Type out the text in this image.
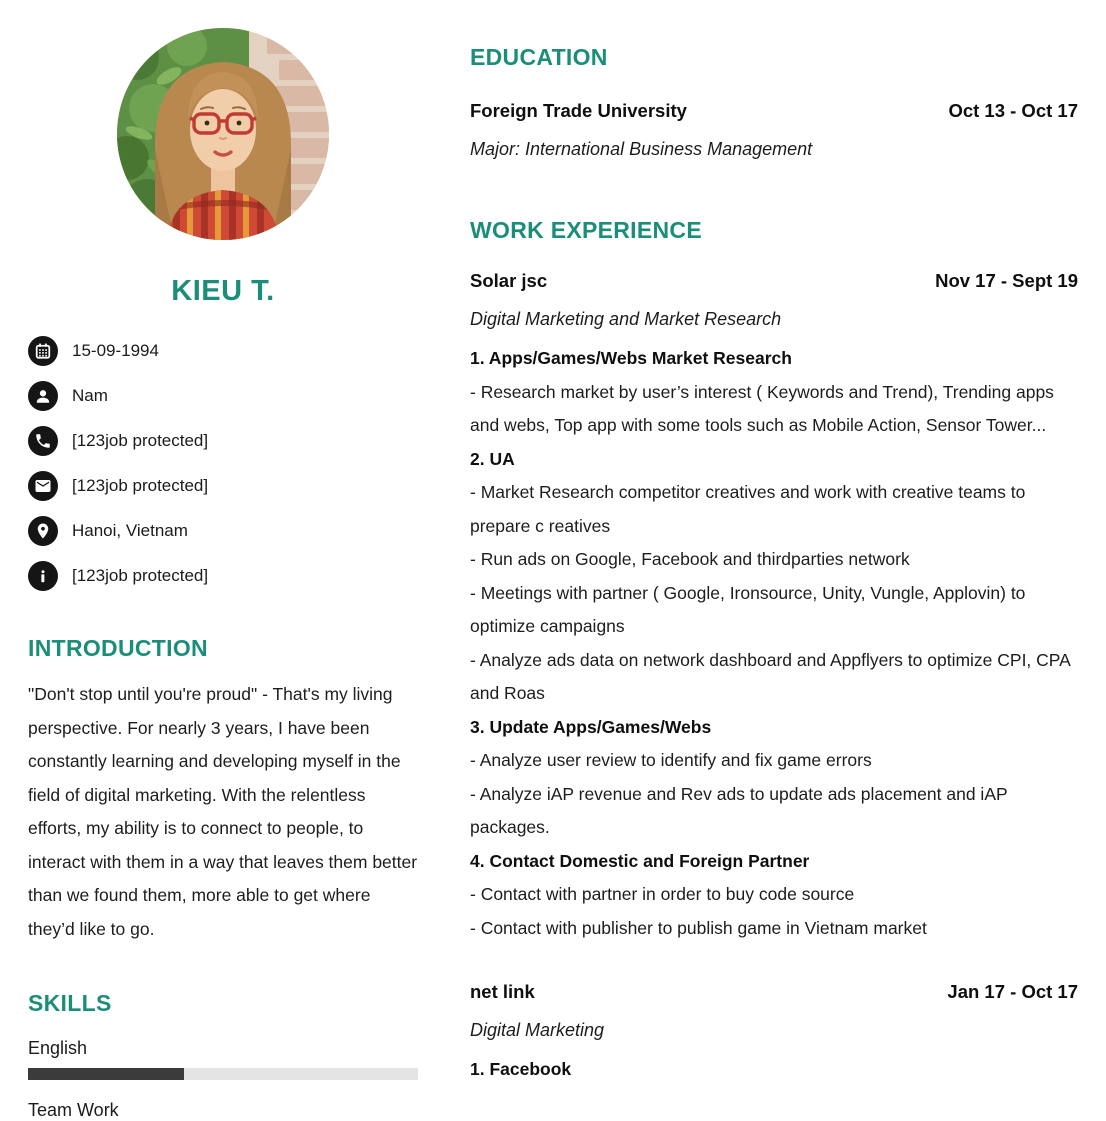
KIEU T.
15-09-1994
Nam
[123job protected]
[123job protected]
Hanoi, Vietnam
[123job protected]
INTRODUCTION

"Don't stop until you're proud" - That's my living perspective. For nearly 3 years, I have been constantly learning and developing myself in the field of digital marketing. With the relentless efforts, my ability is to connect to people, to interact with them in a way that leaves them better than we found them, more able to get where they’d like to go.

SKILLS
English
Team Work
EDUCATION
Foreign Trade University	Oct 13 - Oct 17
Major: International Business Management
WORK EXPERIENCE
Solar jsc	Nov 17 - Sept 19
Digital Marketing and Market Research
1. Apps/Games/Webs Market Research
- Research market by user’s interest ( Keywords and Trend), Trending apps and webs, Top app with some tools such as Mobile Action, Sensor Tower...
2. UA
- Market Research competitor creatives and work with creative teams to prepare c reatives
- Run ads on Google, Facebook and thirdparties network
- Meetings with partner ( Google, Ironsource, Unity, Vungle, Applovin) to optimize campaigns
- Analyze ads data on network dashboard and Appflyers to optimize CPI, CPA and Roas
3. Update Apps/Games/Webs
- Analyze user review to identify and fix game errors
- Analyze iAP revenue and Rev ads to update ads placement and iAP packages.
4. Contact Domestic and Foreign Partner
- Contact with partner in order to buy code source
- Contact with publisher to publish game in Vietnam market
net link	Jan 17 - Oct 17
Digital Marketing
1. Facebook
